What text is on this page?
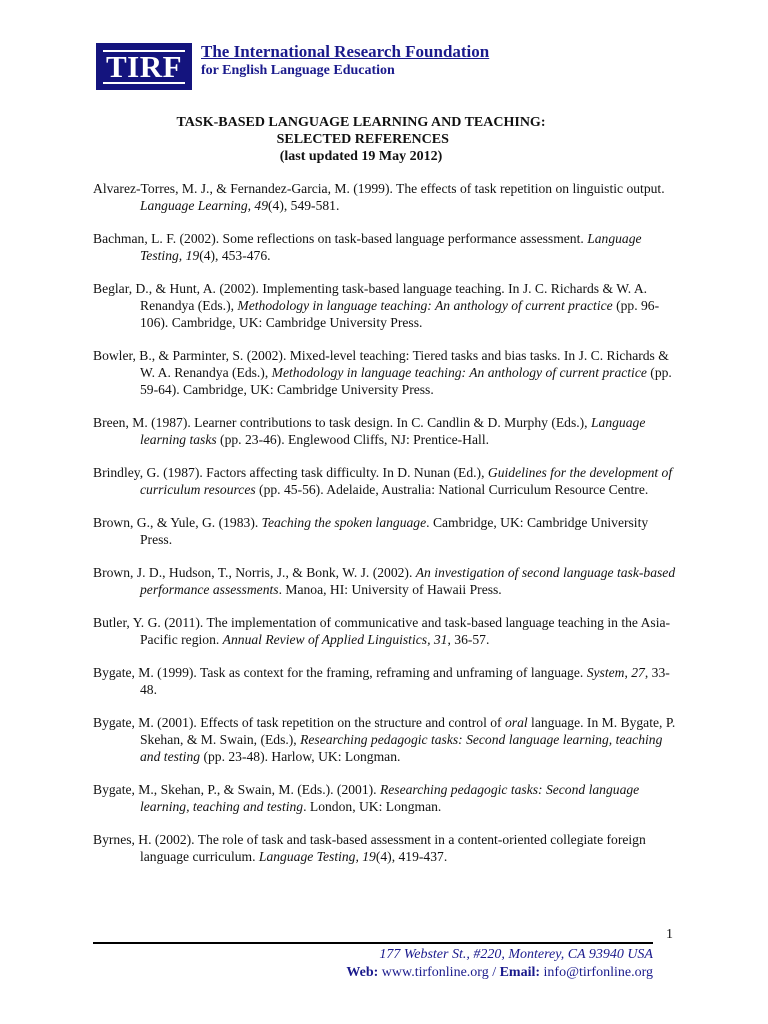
TIRF The International Research Foundation
for English Language Education
TASK-BASED LANGUAGE LEARNING AND TEACHING:
SELECTED REFERENCES
(last updated 19 May 2012)

Alvarez-Torres, M. J., & Fernandez-Garcia, M. (1999). The effects of task repetition on linguistic output. Language Learning, 49(4), 549-581.

Bachman, L. F. (2002). Some reflections on task-based language performance assessment. Language Testing, 19(4), 453-476.

Beglar, D., & Hunt, A. (2002). Implementing task-based language teaching. In J. C. Richards & W. A. Renandya (Eds.), Methodology in language teaching: An anthology of current practice (pp. 96-106). Cambridge, UK: Cambridge University Press.

Bowler, B., & Parminter, S. (2002). Mixed-level teaching: Tiered tasks and bias tasks. In J. C. Richards & W. A. Renandya (Eds.), Methodology in language teaching: An anthology of current practice (pp. 59-64). Cambridge, UK: Cambridge University Press.

Breen, M. (1987). Learner contributions to task design. In C. Candlin & D. Murphy (Eds.), Language learning tasks (pp. 23-46). Englewood Cliffs, NJ: Prentice-Hall.

Brindley, G. (1987). Factors affecting task difficulty. In D. Nunan (Ed.), Guidelines for the development of curriculum resources (pp. 45-56). Adelaide, Australia: National Curriculum Resource Centre.

Brown, G., & Yule, G. (1983). Teaching the spoken language. Cambridge, UK: Cambridge University Press.

Brown, J. D., Hudson, T., Norris, J., & Bonk, W. J. (2002). An investigation of second language task-based performance assessments. Manoa, HI: University of Hawaii Press.

Butler, Y. G. (2011). The implementation of communicative and task-based language teaching in the Asia-Pacific region. Annual Review of Applied Linguistics, 31, 36-57.

Bygate, M. (1999). Task as context for the framing, reframing and unframing of language. System, 27, 33-48.

Bygate, M. (2001). Effects of task repetition on the structure and control of oral language. In M. Bygate, P. Skehan, & M. Swain, (Eds.), Researching pedagogic tasks: Second language learning, teaching and testing (pp. 23-48). Harlow, UK: Longman.

Bygate, M., Skehan, P., & Swain, M. (Eds.). (2001). Researching pedagogic tasks: Second language learning, teaching and testing. London, UK: Longman.

Byrnes, H. (2002). The role of task and task-based assessment in a content-oriented collegiate foreign language curriculum. Language Testing, 19(4), 419-437.

1
177 Webster St., #220, Monterey, CA 93940 USA
Web: www.tirfonline.org / Email: info@tirfonline.org
